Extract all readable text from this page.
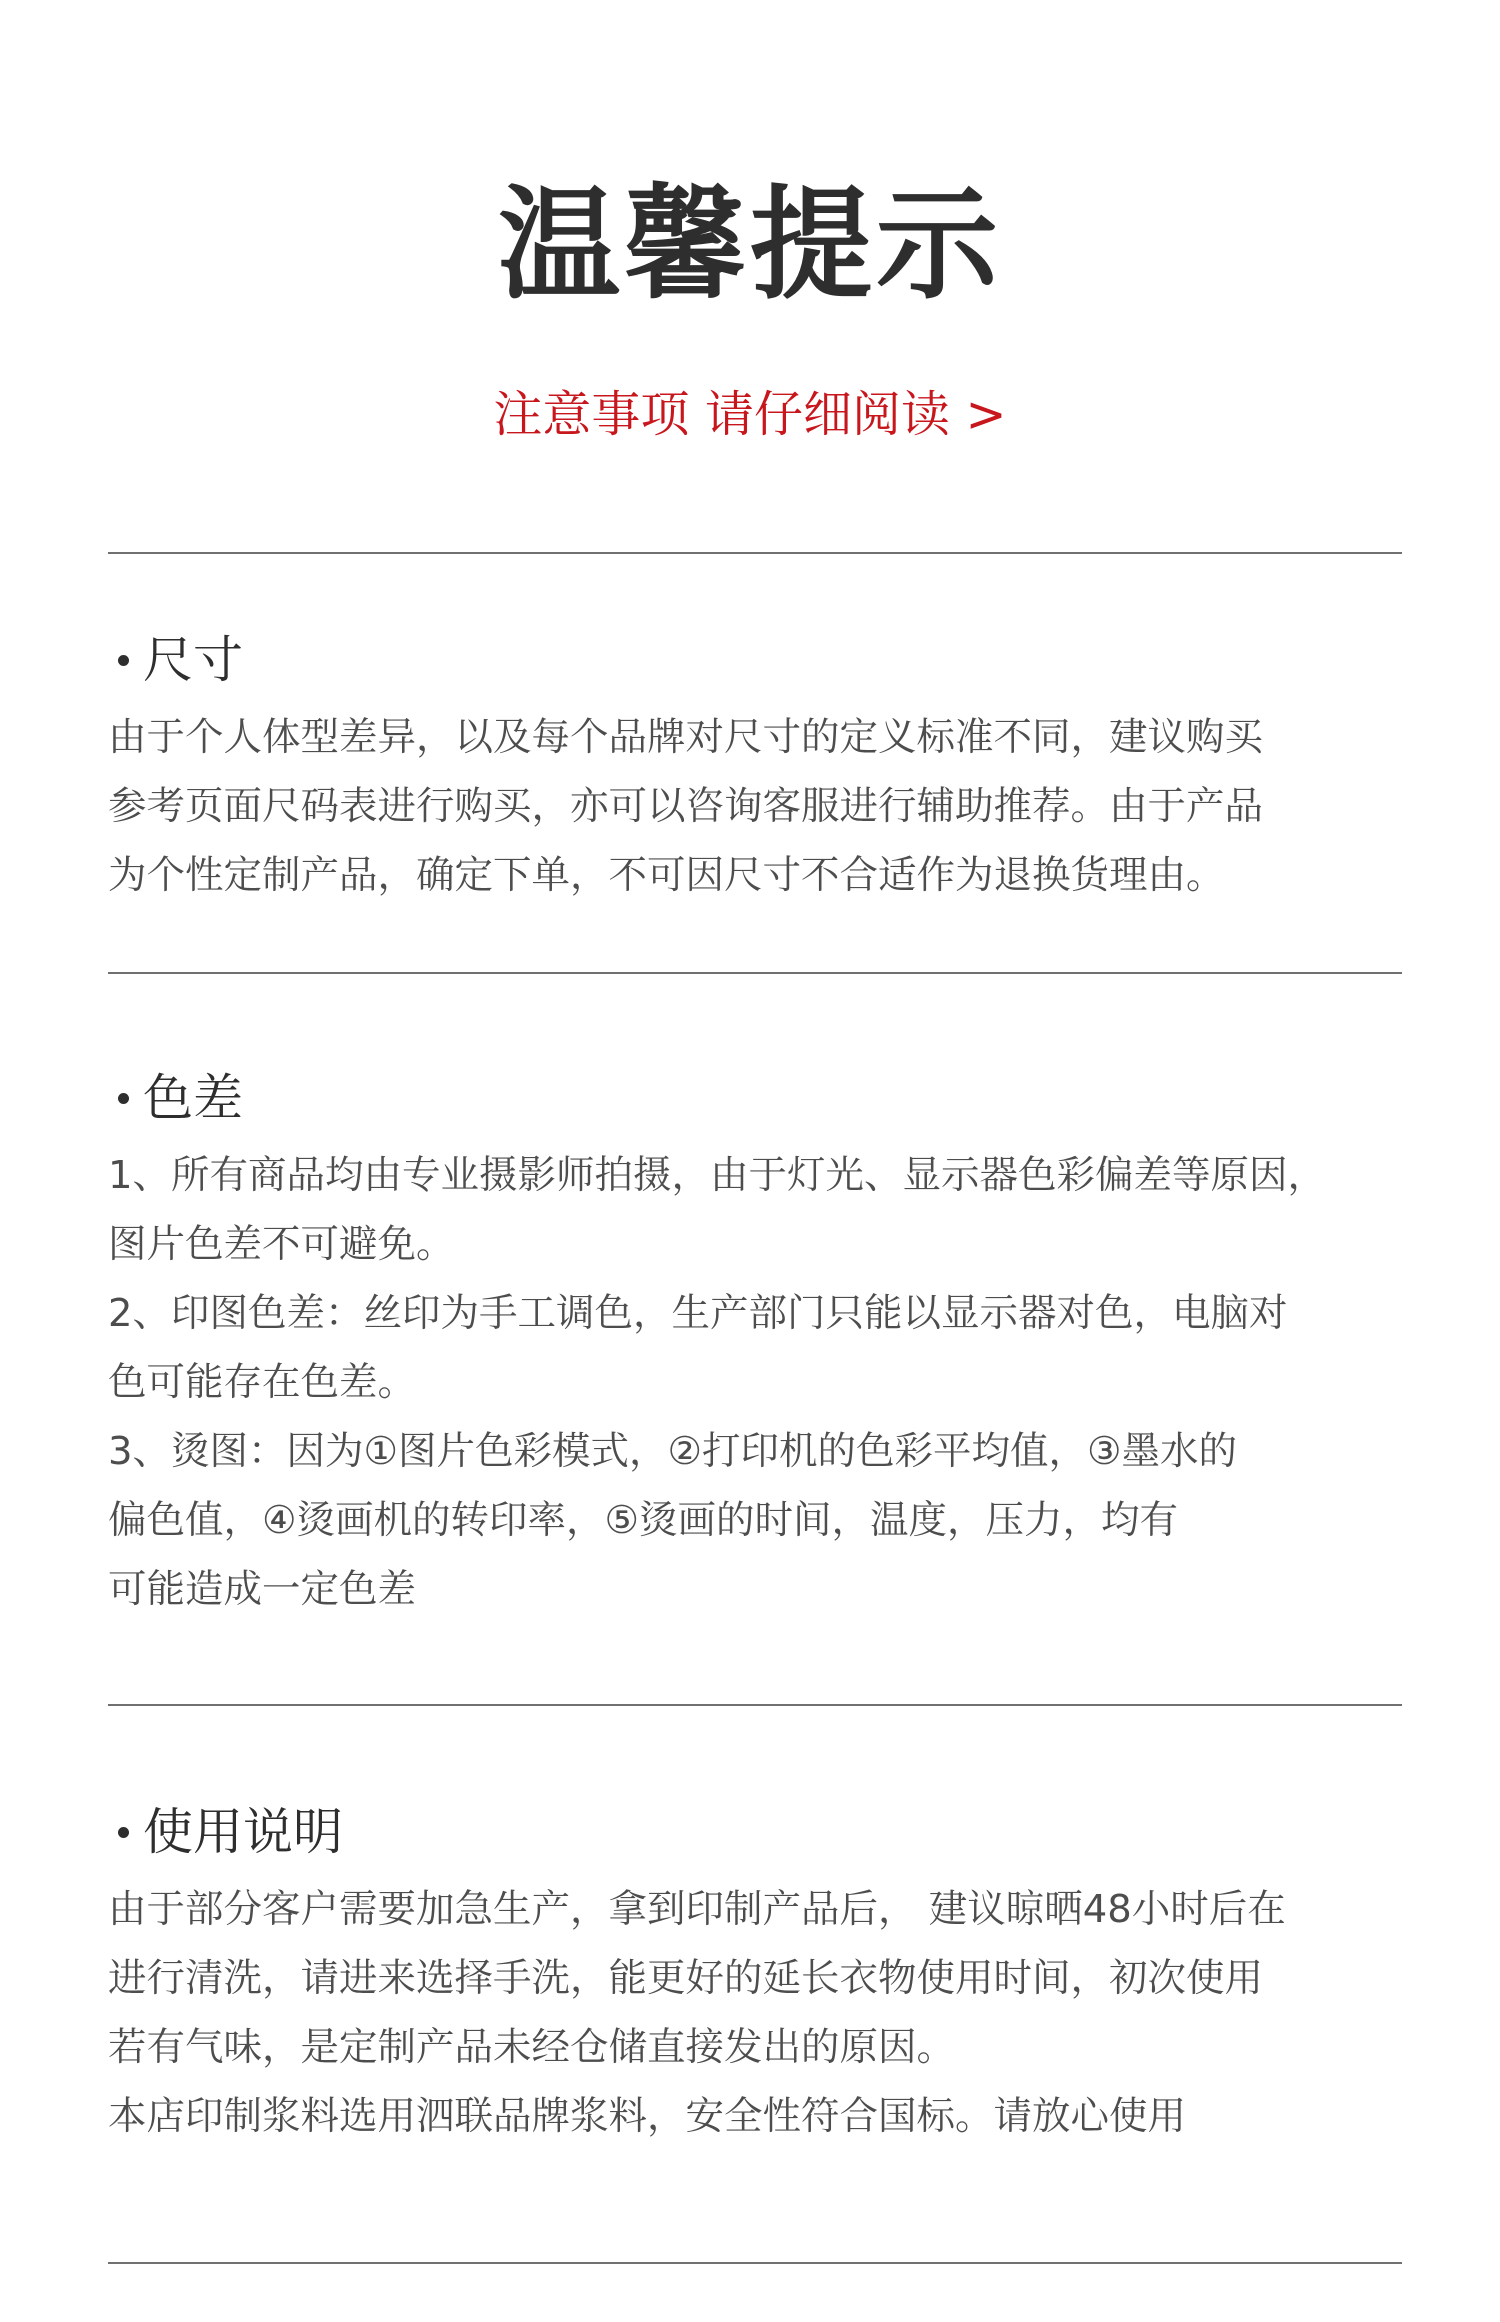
温馨提示
注意事项 请仔细阅读 >
尺寸
由于个人体型差异，以及每个品牌对尺寸的定义标准不同，建议购买
参考页面尺码表进行购买，亦可以咨询客服进行辅助推荐。由于产品
为个性定制产品，确定下单，不可因尺寸不合适作为退换货理由。
色差
1、所有商品均由专业摄影师拍摄，由于灯光、显示器色彩偏差等原因，
图片色差不可避免。
2、印图色差：丝印为手工调色，生产部门只能以显示器对色，电脑对
色可能存在色差。
3、烫图：因为①图片色彩模式，②打印机的色彩平均值，③墨水的
偏色值，④烫画机的转印率，⑤烫画的时间，温度，压力，均有
可能造成一定色差
使用说明
由于部分客户需要加急生产，拿到印制产品后， 建议晾晒48小时后在
进行清洗，请进来选择手洗，能更好的延长衣物使用时间，初次使用
若有气味，是定制产品未经仓储直接发出的原因。
本店印制浆料选用泗联品牌浆料，安全性符合国标。请放心使用
